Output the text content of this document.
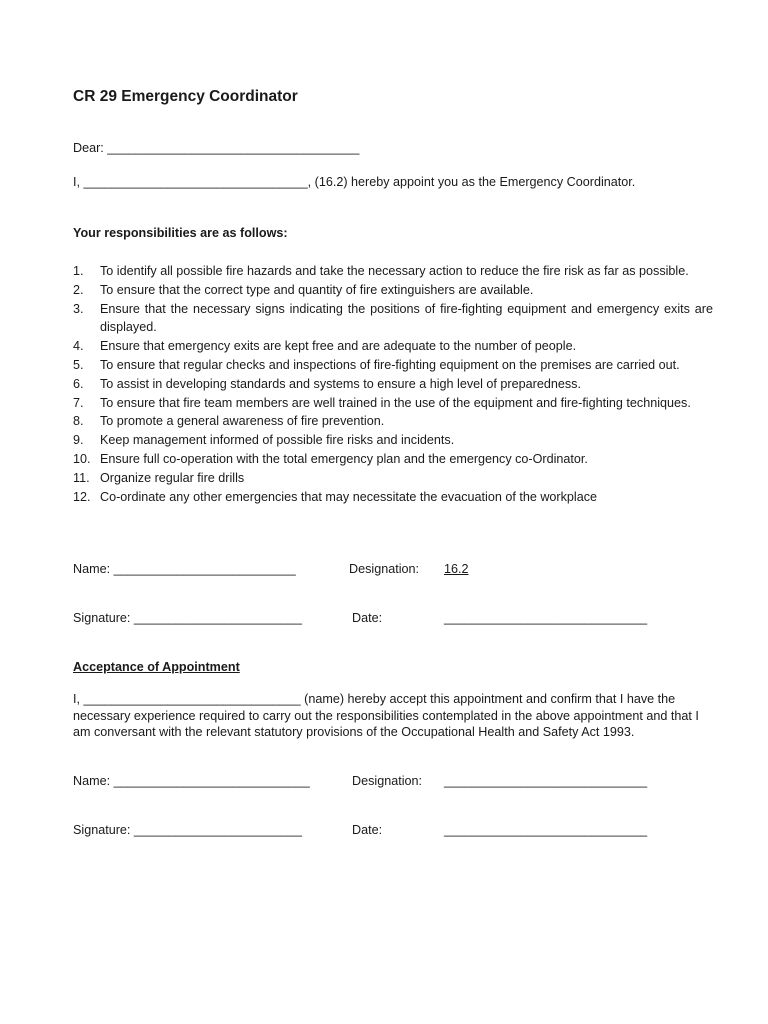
CR 29 Emergency Coordinator
Dear: ____________________________________
I, ________________________________, (16.2) hereby appoint you as the Emergency Coordinator.
Your responsibilities are as follows:
1. To identify all possible fire hazards and take the necessary action to reduce the fire risk as far as possible.
2. To ensure that the correct type and quantity of fire extinguishers are available.
3. Ensure that the necessary signs indicating the positions of fire-fighting equipment and emergency exits are displayed.
4. Ensure that emergency exits are kept free and are adequate to the number of people.
5. To ensure that regular checks and inspections of fire-fighting equipment on the premises are carried out.
6. To assist in developing standards and systems to ensure a high level of preparedness.
7. To ensure that fire team members are well trained in the use of the equipment and fire-fighting techniques.
8. To promote a general awareness of fire prevention.
9. Keep management informed of possible fire risks and incidents.
10. Ensure full co-operation with the total emergency plan and the emergency co-Ordinator.
11. Organize regular fire drills
12. Co-ordinate any other emergencies that may necessitate the evacuation of the workplace
Name: __________________________	Designation: 16.2
Signature: ________________________	Date:	_____________________________
Acceptance of Appointment

I, _______________________________ (name) hereby accept this appointment and confirm that I have the necessary experience required to carry out the responsibilities contemplated in the above appointment and that I am conversant with the relevant statutory provisions of the Occupational Health and Safety Act 1993.

Name: ____________________________	Designation: _____________________________
Signature: ________________________	Date:	_____________________________
